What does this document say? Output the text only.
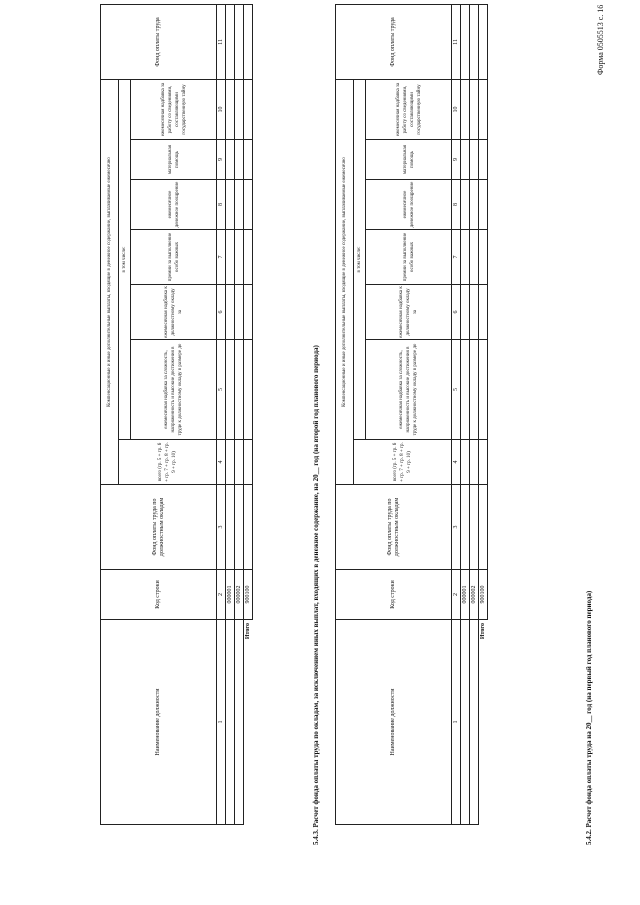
Форма 0505513 с. 16
5.4.2. Расчет фонда оплаты труда на 20__ год (на первый год планового периода)
Наименование должности	Код строки	Фонд оплаты труда по должностным окладам	Компенсационные и иные дополнительные выплаты, входящие в денежное содержание, выплачиваемые ежемесячно							Фонд оплаты труда
			всего (гр. 5 + гр. 6 + гр. 7 + гр. 8 + гр. 9 + гр. 10)	в том числе:						
				ежемесячная надбавка за сложность, напряженность и высокие достижения в труде к должностному окладу в размере до	ежемесячная надбавка к должностному окладу за	премии за выполнение особо важных	ежемесячное денежное поощрение	материальная помощь	ежемесячная надбавка за работу со сведениями, составляющими государственную тайну	
1	2	3	4	5	6	7	8	9	10	11
	000001									
	000002									
Итого	900100									
5.4.3. Расчет фонда оплаты труда по окладам, за исключением иных выплат, входящих в денежное содержание, на 20__ год (на второй год планового периода)
Наименование должности	Код строки	Фонд оплаты труда по должностным окладам	Компенсационные и иные дополнительные выплаты, входящие в денежное содержание, выплачиваемые ежемесячно							Фонд оплаты труда
			всего (гр. 5 + гр. 6 + гр. 7 + гр. 8 + гр. 9 + гр. 10)	в том числе:						
				ежемесячная надбавка за сложность, напряженность и высокие достижения в труде к должностному окладу в размере до	ежемесячная надбавка к должностному окладу за	премии за выполнение особо важных	ежемесячное денежное поощрение	материальная помощь	ежемесячная надбавка за работу со сведениями, составляющими государственную тайну	
1	2	3	4	5	6	7	8	9	10	11
	000001									
	000002									
Итого	900100									
